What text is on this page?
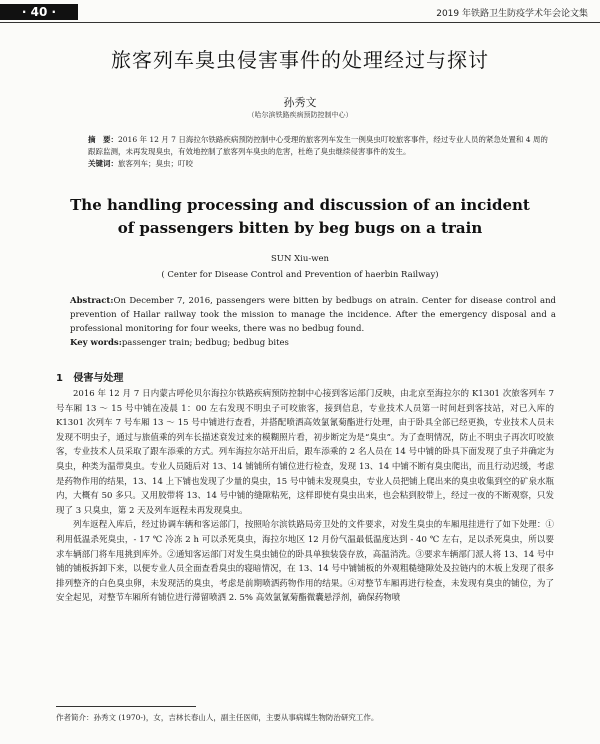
· 40 ·	2019 年铁路卫生防疫学术年会论文集
旅客列车臭虫侵害事件的处理经过与探讨
孙秀文
（哈尔滨铁路疾病预防控制中心）
摘　要：2016 年 12 月 7 日海拉尔铁路疾病预防控制中心受理的旅客列车发生一例臭虫叮咬旅客事件，经过专业人员的紧急处置和 4 周的跟踪监测，未再发现臭虫，有效地控制了旅客列车臭虫的危害，杜绝了臭虫继续侵害事件的发生。
关键词：旅客列车；臭虫；叮咬
The handling processing and discussion of an incident
of passengers bitten by beg bugs on a train
SUN Xiu-wen
( Center for Disease Control and Prevention of haerbin Railway)
Abstract:On December 7, 2016, passengers were bitten by bedbugs on atrain. Center for disease control and prevention of Hailar railway took the mission to manage the incidence. After the emergency disposal and a professional monitoring for four weeks, there was no bedbug found.
Key words:passenger train; bedbug; bedbug bites
1 侵害与处理

2016 年 12 月 7 日内蒙古呼伦贝尔海拉尔铁路疾病预防控制中心接到客运部门反映，由北京至海拉尔的 K1301 次旅客列车 7 号车厢 13 ～ 15 号中铺在凌晨 1：00 左右发现不明虫子可咬旅客，接到信息，专业技术人员第一时间赶到客技站，对已入库的 K1301 次列车 7 号车厢 13 ～ 15 号中铺进行查看，并搭配喷洒高效氯氰菊酯进行处理，由于卧具全部已经更换，专业技术人员未发现不明虫子，通过与旅值乘的列车长描述衰发过来的模糊照片看，初步断定为是“臭虫”。为了查明情况，防止不明虫子再次叮咬旅客，专业技术人员采取了跟车添乘的方式。列车海拉尔站开出后，跟车添乘的 2 名人员在 14 号中铺的卧具下面发现了虫子并确定为臭虫，种类为温带臭虫。专业人员随后对 13、14 铺铺所有铺位进行检查，发现 13、14 中铺不断有臭虫爬出，而且行动迟缓，考虑是药物作用的结果，13、14 上下铺也发现了少量的臭虫，15 号中铺未发现臭虫，专业人员把铺上爬出来的臭虫收集到空的矿泉水瓶内，大概有 50 多只。又用胶带将 13、14 号中铺的缝隙粘死，这样即使有臭虫出来，也会粘到胶带上，经过一夜的不断观察，只发现了 3 只臭虫，第 2 天及列车返程未再发现臭虫。

列车返程入库后，经过协调车辆和客运部门，按照哈尔滨铁路局旁卫处的文件要求，对发生臭虫的车厢甩挂进行了如下处理：①利用低温杀死臭虫，- 17 ℃ 冷冻 2 h 可以杀死臭虫，海拉尔地区 12 月份气温最低温度达到 - 40 ℃ 左右，足以杀死臭虫，所以要求车辆部门将车甩挑到库外。②通知客运部门对发生臭虫铺位的卧具单独装袋存放，高温消洗。③要求车辆部门派人将 13、14 号中铺的铺板拆卸下来，以便专业人员全面查看臭虫的寝暗情况，在 13、14 号中铺铺板的外观粗糙缝隙处及拉链内的木板上发现了很多排列整齐的白色臭虫卵，未发现活的臭虫，考虑是前期喷洒药物作用的结果。④对整节车厢再进行检查，未发现有臭虫的铺位，为了安全起见，对整节车厢所有铺位进行滞留喷洒 2. 5% 高效氯氰菊酯微囊悬浮剂，确保药物喷

作者简介：孙秀文 (1970-)，女，吉林长春山人，副主任医师，主要从事病媒生物防治研究工作。
